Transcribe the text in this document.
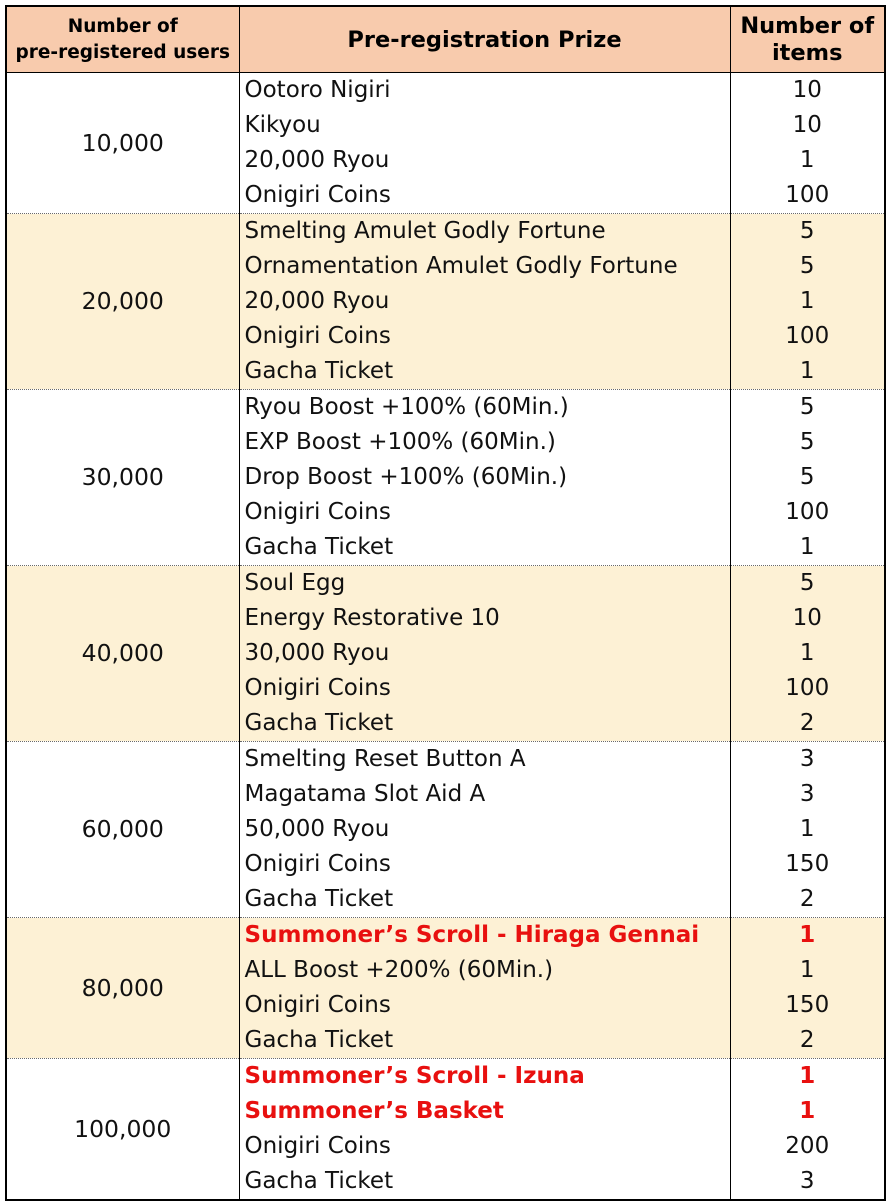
Number of
pre-registered users	Pre-registration Prize	Number of
items
10,000	Ootoro Nigiri	10
	Kikyou	10
	20,000 Ryou	1
	Onigiri Coins	100
20,000	Smelting Amulet Godly Fortune	5
	Ornamentation Amulet Godly Fortune	5
	20,000 Ryou	1
	Onigiri Coins	100
	Gacha Ticket	1
30,000	Ryou Boost +100% (60Min.)	5
	EXP Boost +100% (60Min.)	5
	Drop Boost +100% (60Min.)	5
	Onigiri Coins	100
	Gacha Ticket	1
40,000	Soul Egg	5
	Energy Restorative 10	10
	30,000 Ryou	1
	Onigiri Coins	100
	Gacha Ticket	2
60,000	Smelting Reset Button A	3
	Magatama Slot Aid A	3
	50,000 Ryou	1
	Onigiri Coins	150
	Gacha Ticket	2
80,000	Summoner’s Scroll - Hiraga Gennai	1
	ALL Boost +200% (60Min.)	1
	Onigiri Coins	150
	Gacha Ticket	2
100,000	Summoner’s Scroll - Izuna	1
	Summoner’s Basket	1
	Onigiri Coins	200
	Gacha Ticket	3
